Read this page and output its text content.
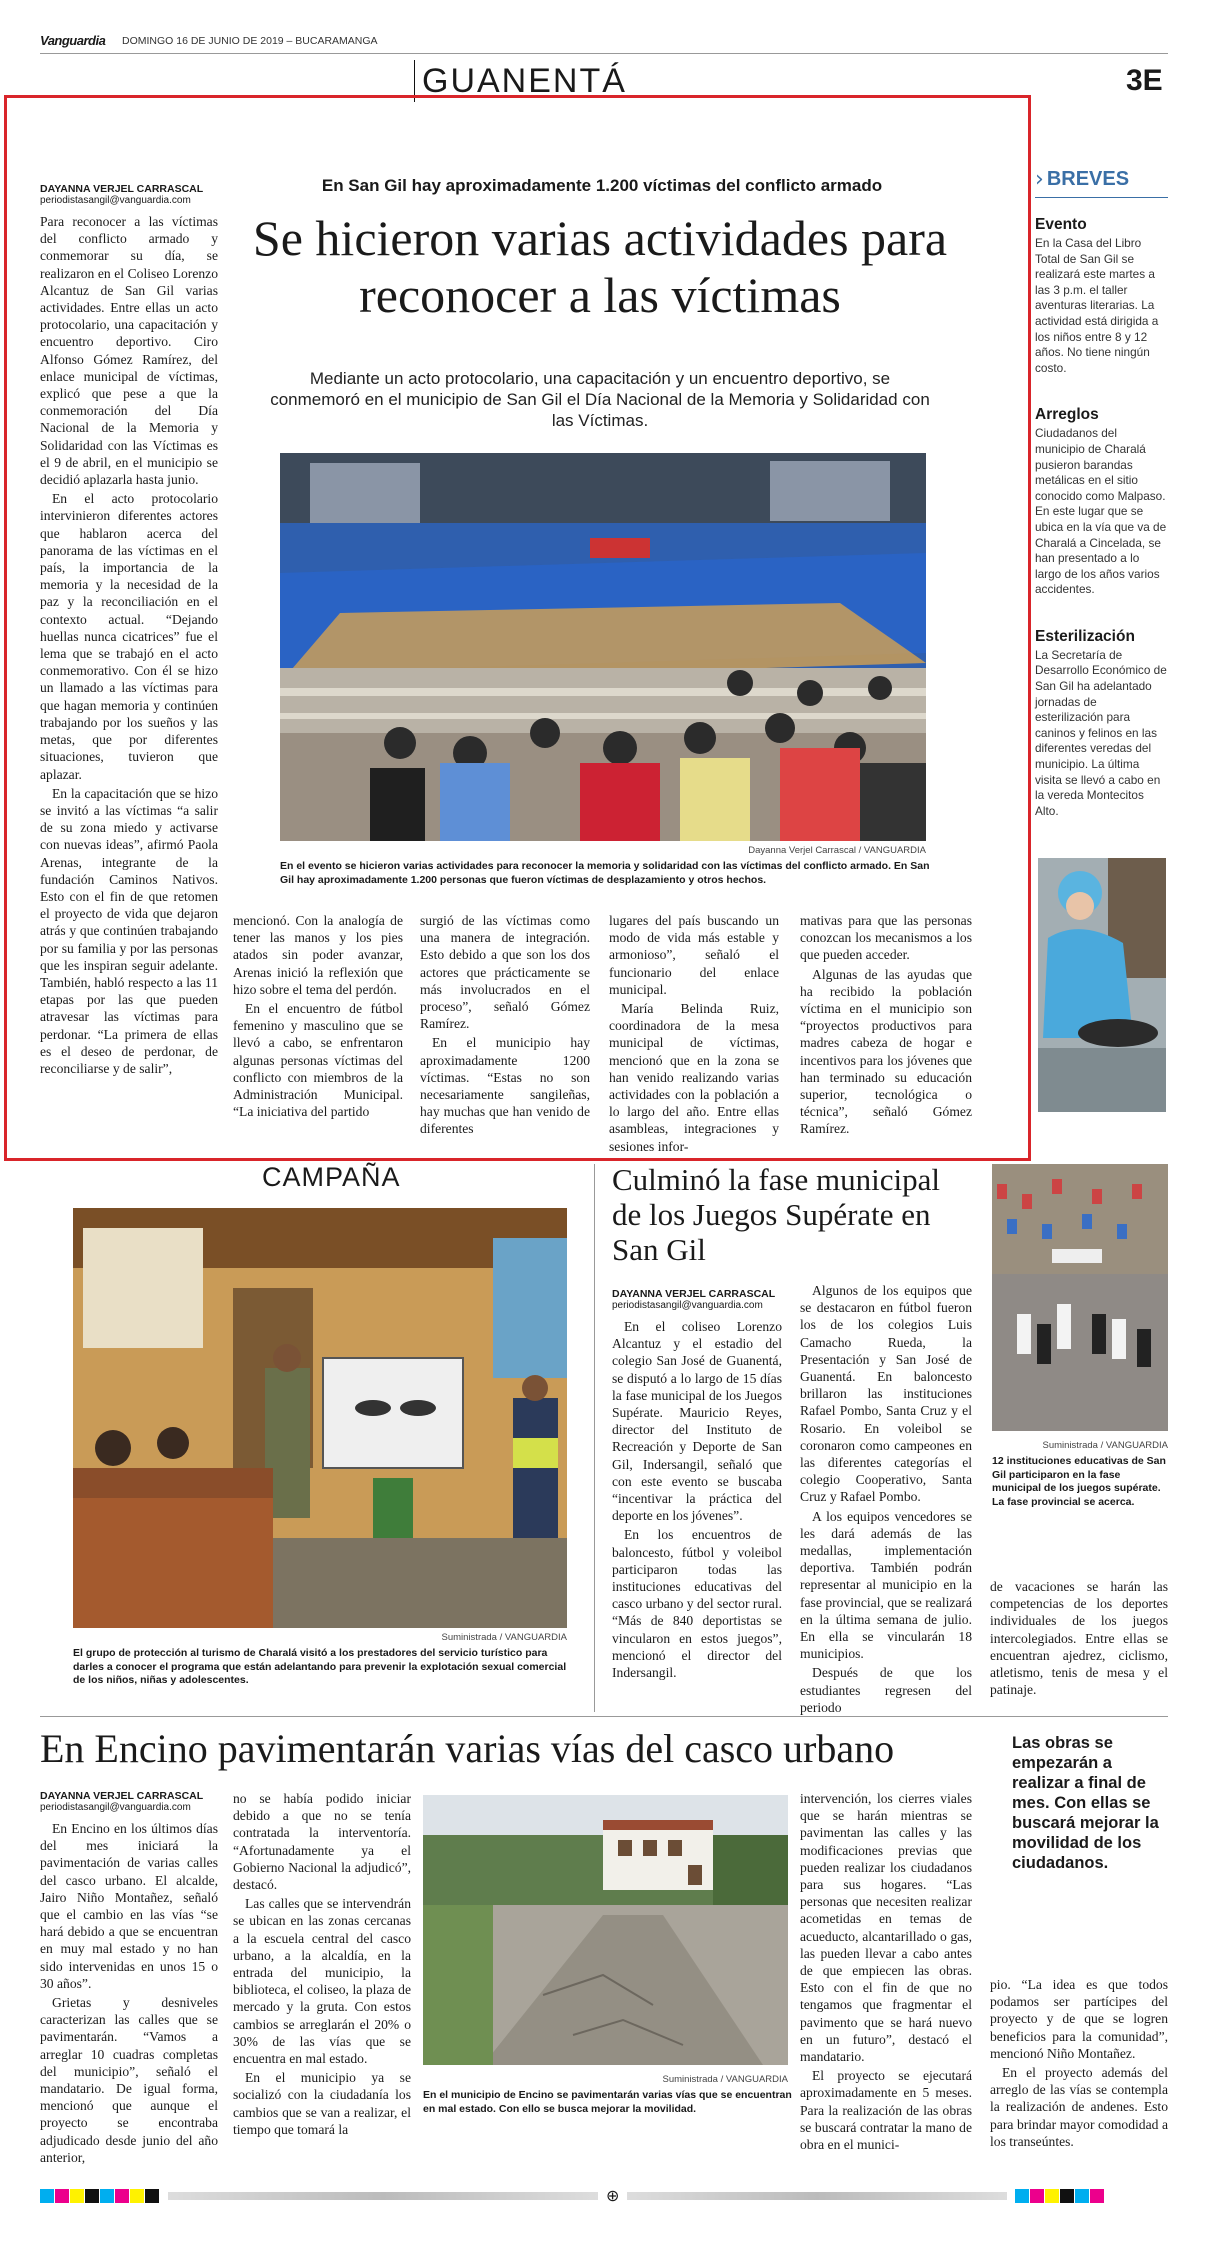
Vanguardia DOMINGO 16 DE JUNIO DE 2019 – BUCARAMANGA
GUANENTÁ	3E
DAYANNA VERJEL CARRASCAL
periodistasangil@vanguardia.com
En San Gil hay aproximadamente 1.200 víctimas del conflicto armado
Se hicieron varias actividades para reconocer a las víctimas
Mediante un acto protocolario, una capacitación y un encuentro deportivo, se conmemoró en el municipio de San Gil el Día Nacional de la Memoria y Solidaridad con las Víctimas.
Dayanna Verjel Carrascal / VANGUARDIA
En el evento se hicieron varias actividades para reconocer la memoria y solidaridad con las víctimas del conflicto armado. En San Gil hay aproximadamente 1.200 personas que fueron víctimas de desplazamiento y otros hechos.

Para reconocer a las víctimas del conflicto armado y conmemorar su día, se realizaron en el Coliseo Lorenzo Alcantuz de San Gil varias actividades. Entre ellas un acto protocolario, una capacitación y encuentro deportivo. Ciro Alfonso Gómez Ramírez, del enlace municipal de víctimas, explicó que pese a que la conmemoración del Día Nacional de la Memoria y Solidaridad con las Víctimas es el 9 de abril, en el municipio se decidió aplazarla hasta junio.

En el acto protocolario intervinieron diferentes actores que hablaron acerca del panorama de las víctimas en el país, la importancia de la memoria y la necesidad de la paz y la reconciliación en el contexto actual. “Dejando huellas nunca cicatrices” fue el lema que se trabajó en el acto conmemorativo. Con él se hizo un llamado a las víctimas para que hagan memoria y continúen trabajando por los sueños y las metas, que por diferentes situaciones, tuvieron que aplazar.

En la capacitación que se hizo se invitó a las víctimas “a salir de su zona miedo y activarse con nuevas ideas”, afirmó Paola Arenas, integrante de la fundación Caminos Nativos. Esto con el fin de que retomen el proyecto de vida que dejaron atrás y que continúen trabajando por su familia y por las personas que les inspiran seguir adelante. También, habló respecto a las 11 etapas por las que pueden atravesar las víctimas para perdonar. “La primera de ellas es el deseo de perdonar, de reconciliarse y de salir”,

mencionó. Con la analogía de tener las manos y los pies atados sin poder avanzar, Arenas inició la reflexión que hizo sobre el tema del perdón.

En el encuentro de fútbol femenino y masculino que se llevó a cabo, se enfrentaron algunas personas víctimas del conflicto con miembros de la Administración Municipal. “La iniciativa del partido

surgió de las víctimas como una manera de integración. Esto debido a que son los dos actores que prácticamente se más involucrados en el proceso”, señaló Gómez Ramírez.

En el municipio hay aproximadamente 1200 víctimas. “Estas no son necesariamente sangileñas, hay muchas que han venido de diferentes

lugares del país buscando un modo de vida más estable y armonioso”, señaló el funcionario del enlace municipal.

María Belinda Ruiz, coordinadora de la mesa municipal de víctimas, mencionó que en la zona se han venido realizando varias actividades con la población a lo largo del año. Entre ellas asambleas, integraciones y sesiones infor-

mativas para que las personas conozcan los mecanismos a los que pueden acceder.

Algunas de las ayudas que ha recibido la población víctima en el municipio son “proyectos productivos para madres cabeza de hogar e incentivos para los jóvenes que han terminado su educación superior, tecnológica o técnica”, señaló Gómez Ramírez.

› BREVES

Evento

En la Casa del Libro Total de San Gil se realizará este martes a las 3 p.m. el taller aventuras literarias. La actividad está dirigida a los niños entre 8 y 12 años. No tiene ningún costo.

Arreglos

Ciudadanos del municipio de Charalá pusieron barandas metálicas en el sitio conocido como Malpaso. En este lugar que se ubica en la vía que va de Charalá a Cincelada, se han presentado a lo largo de los años varios accidentes.

Esterilización

La Secretaría de Desarrollo Económico de San Gil ha adelantado jornadas de esterilización para caninos y felinos en las diferentes veredas del municipio. La última visita se llevó a cabo en la vereda Montecitos Alto.

CAMPAÑA
Suministrada / VANGUARDIA
El grupo de protección al turismo de Charalá visitó a los prestadores del servicio turístico para darles a conocer el programa que están adelantando para prevenir la explotación sexual comercial de los niños, niñas y adolescentes.
Culminó la fase municipal de los Juegos Supérate en San Gil
DAYANNA VERJEL CARRASCAL
periodistasangil@vanguardia.com

En el coliseo Lorenzo Alcantuz y el estadio del colegio San José de Guanentá, se disputó a lo largo de 15 días la fase municipal de los Juegos Supérate. Mauricio Reyes, director del Instituto de Recreación y Deporte de San Gil, Indersangil, señaló que con este evento se buscaba “incentivar la práctica del deporte en los jóvenes”.

En los encuentros de baloncesto, fútbol y voleibol participaron todas las instituciones educativas del casco urbano y del sector rural. “Más de 840 deportistas se vincularon en estos juegos”, mencionó el director del Indersangil.

Algunos de los equipos que se destacaron en fútbol fueron los de los colegios Luis Camacho Rueda, la Presentación y San José de Guanentá. En baloncesto brillaron las instituciones Rafael Pombo, Santa Cruz y el Rosario. En voleibol se coronaron como campeones en las diferentes categorías el colegio Cooperativo, Santa Cruz y Rafael Pombo.

A los equipos vencedores se les dará además de las medallas, implementación deportiva. También podrán representar al municipio en la fase provincial, que se realizará en la última semana de julio. En ella se vincularán 18 municipios.

Después de que los estudiantes regresen del periodo

de vacaciones se harán las competencias de los deportes individuales de los juegos intercolegiados. Entre ellas se encuentran ajedrez, ciclismo, atletismo, tenis de mesa y el patinaje.

Suministrada / VANGUARDIA
12 instituciones educativas de San Gil participaron en la fase municipal de los juegos supérate. La fase provincial se acerca.
En Encino pavimentarán varias vías del casco urbano	Las obras se empezarán a realizar a final de mes. Con ellas se buscará mejorar la movilidad de los ciudadanos.
DAYANNA VERJEL CARRASCAL
periodistasangil@vanguardia.com

En Encino en los últimos días del mes iniciará la pavimentación de varias calles del casco urbano. El alcalde, Jairo Niño Montañez, señaló que el cambio en las vías “se hará debido a que se encuentran en muy mal estado y no han sido intervenidas en unos 15 o 30 años”.

Grietas y desniveles caracterizan las calles que se pavimentarán. “Vamos a arreglar 10 cuadras completas del municipio”, señaló el mandatario. De igual forma, mencionó que aunque el proyecto se encontraba adjudicado desde junio del año anterior,

no se había podido iniciar debido a que no se tenía contratada la interventoría. “Afortunadamente ya el Gobierno Nacional la adjudicó”, destacó.

Las calles que se intervendrán se ubican en las zonas cercanas a la escuela central del casco urbano, a la alcaldía, en la entrada del municipio, la biblioteca, el coliseo, la plaza de mercado y la gruta. Con estos cambios se arreglarán el 20% o 30% de las vías que se encuentra en mal estado.

En el municipio ya se socializó con la ciudadanía los cambios que se van a realizar, el tiempo que tomará la

Suministrada / VANGUARDIA
En el municipio de Encino se pavimentarán varias vías que se encuentran en mal estado. Con ello se busca mejorar la movilidad.

intervención, los cierres viales que se harán mientras se pavimentan las calles y las modificaciones previas que pueden realizar los ciudadanos para sus hogares. “Las personas que necesiten realizar acometidas en temas de acueducto, alcantarillado o gas, las pueden llevar a cabo antes de que empiecen las obras. Esto con el fin de que no tengamos que fragmentar el pavimento que se hará nuevo en un futuro”, destacó el mandatario.

El proyecto se ejecutará aproximadamente en 5 meses. Para la realización de las obras se buscará contratar la mano de obra en el munici-

pio. “La idea es que todos podamos ser partícipes del proyecto y de que se logren beneficios para la comunidad”, mencionó Niño Montañez.

En el proyecto además del arreglo de las vías se contempla la realización de andenes. Esto para brindar mayor comodidad a los transeúntes.

⊕
